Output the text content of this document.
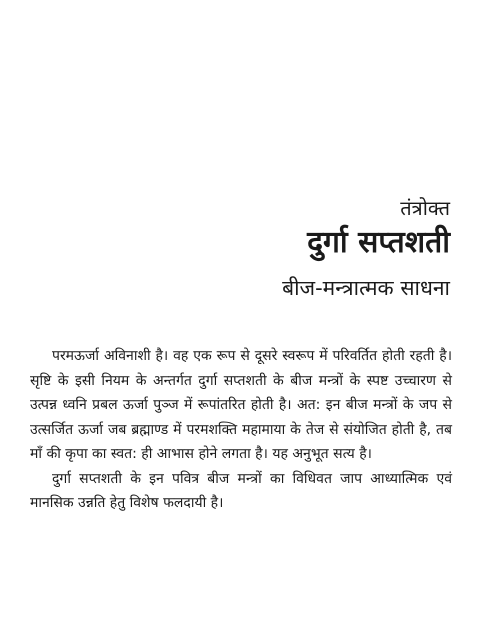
तंत्रोक्त
दुर्गा सप्तशती
बीज-मन्त्रात्मक साधना

परमऊर्जा अविनाशी है। वह एक रूप से दूसरे स्वरूप में परिवर्तित होती रहती है। सृष्टि के इसी नियम के अन्तर्गत दुर्गा सप्तशती के बीज मन्त्रों के स्पष्ट उच्चारण से उत्पन्न ध्वनि प्रबल ऊर्जा पुञ्ज में रूपांतरित होती है। अत: इन बीज मन्त्रों के जप से उत्सर्जित ऊर्जा जब ब्रह्माण्ड में परमशक्ति महामाया के तेज से संयोजित होती है, तब माँ की कृपा का स्वत: ही आभास होने लगता है। यह अनुभूत सत्य है।

दुर्गा सप्तशती के इन पवित्र बीज मन्त्रों का विधिवत जाप आध्यात्मिक एवं मानसिक उन्नति हेतु विशेष फलदायी है।
